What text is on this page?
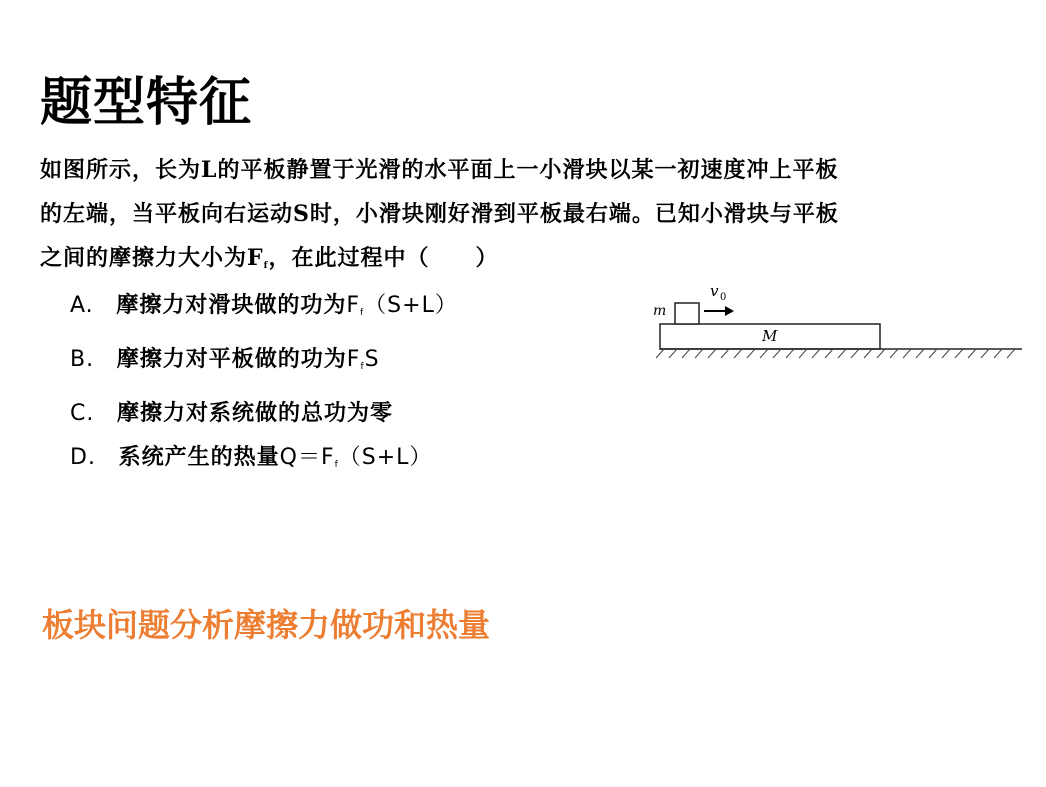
题型特征
如图所示，长为L的平板静置于光滑的水平面上一小滑块以某一初速度冲上平板
的左端，当平板向右运动S时，小滑块刚好滑到平板最右端。已知小滑块与平板
之间的摩擦力大小为$F_f$，在此过程中（　　）
A. 摩擦力对滑块做的功为$F_f(S+L)$
B. 摩擦力对平板做的功为$F_fS$
C. 摩擦力对系统做的总功为零
D. 系统产生的热量$Q=F_f(S+L)$
m
M
v 0
板块问题分析摩擦力做功和热量
